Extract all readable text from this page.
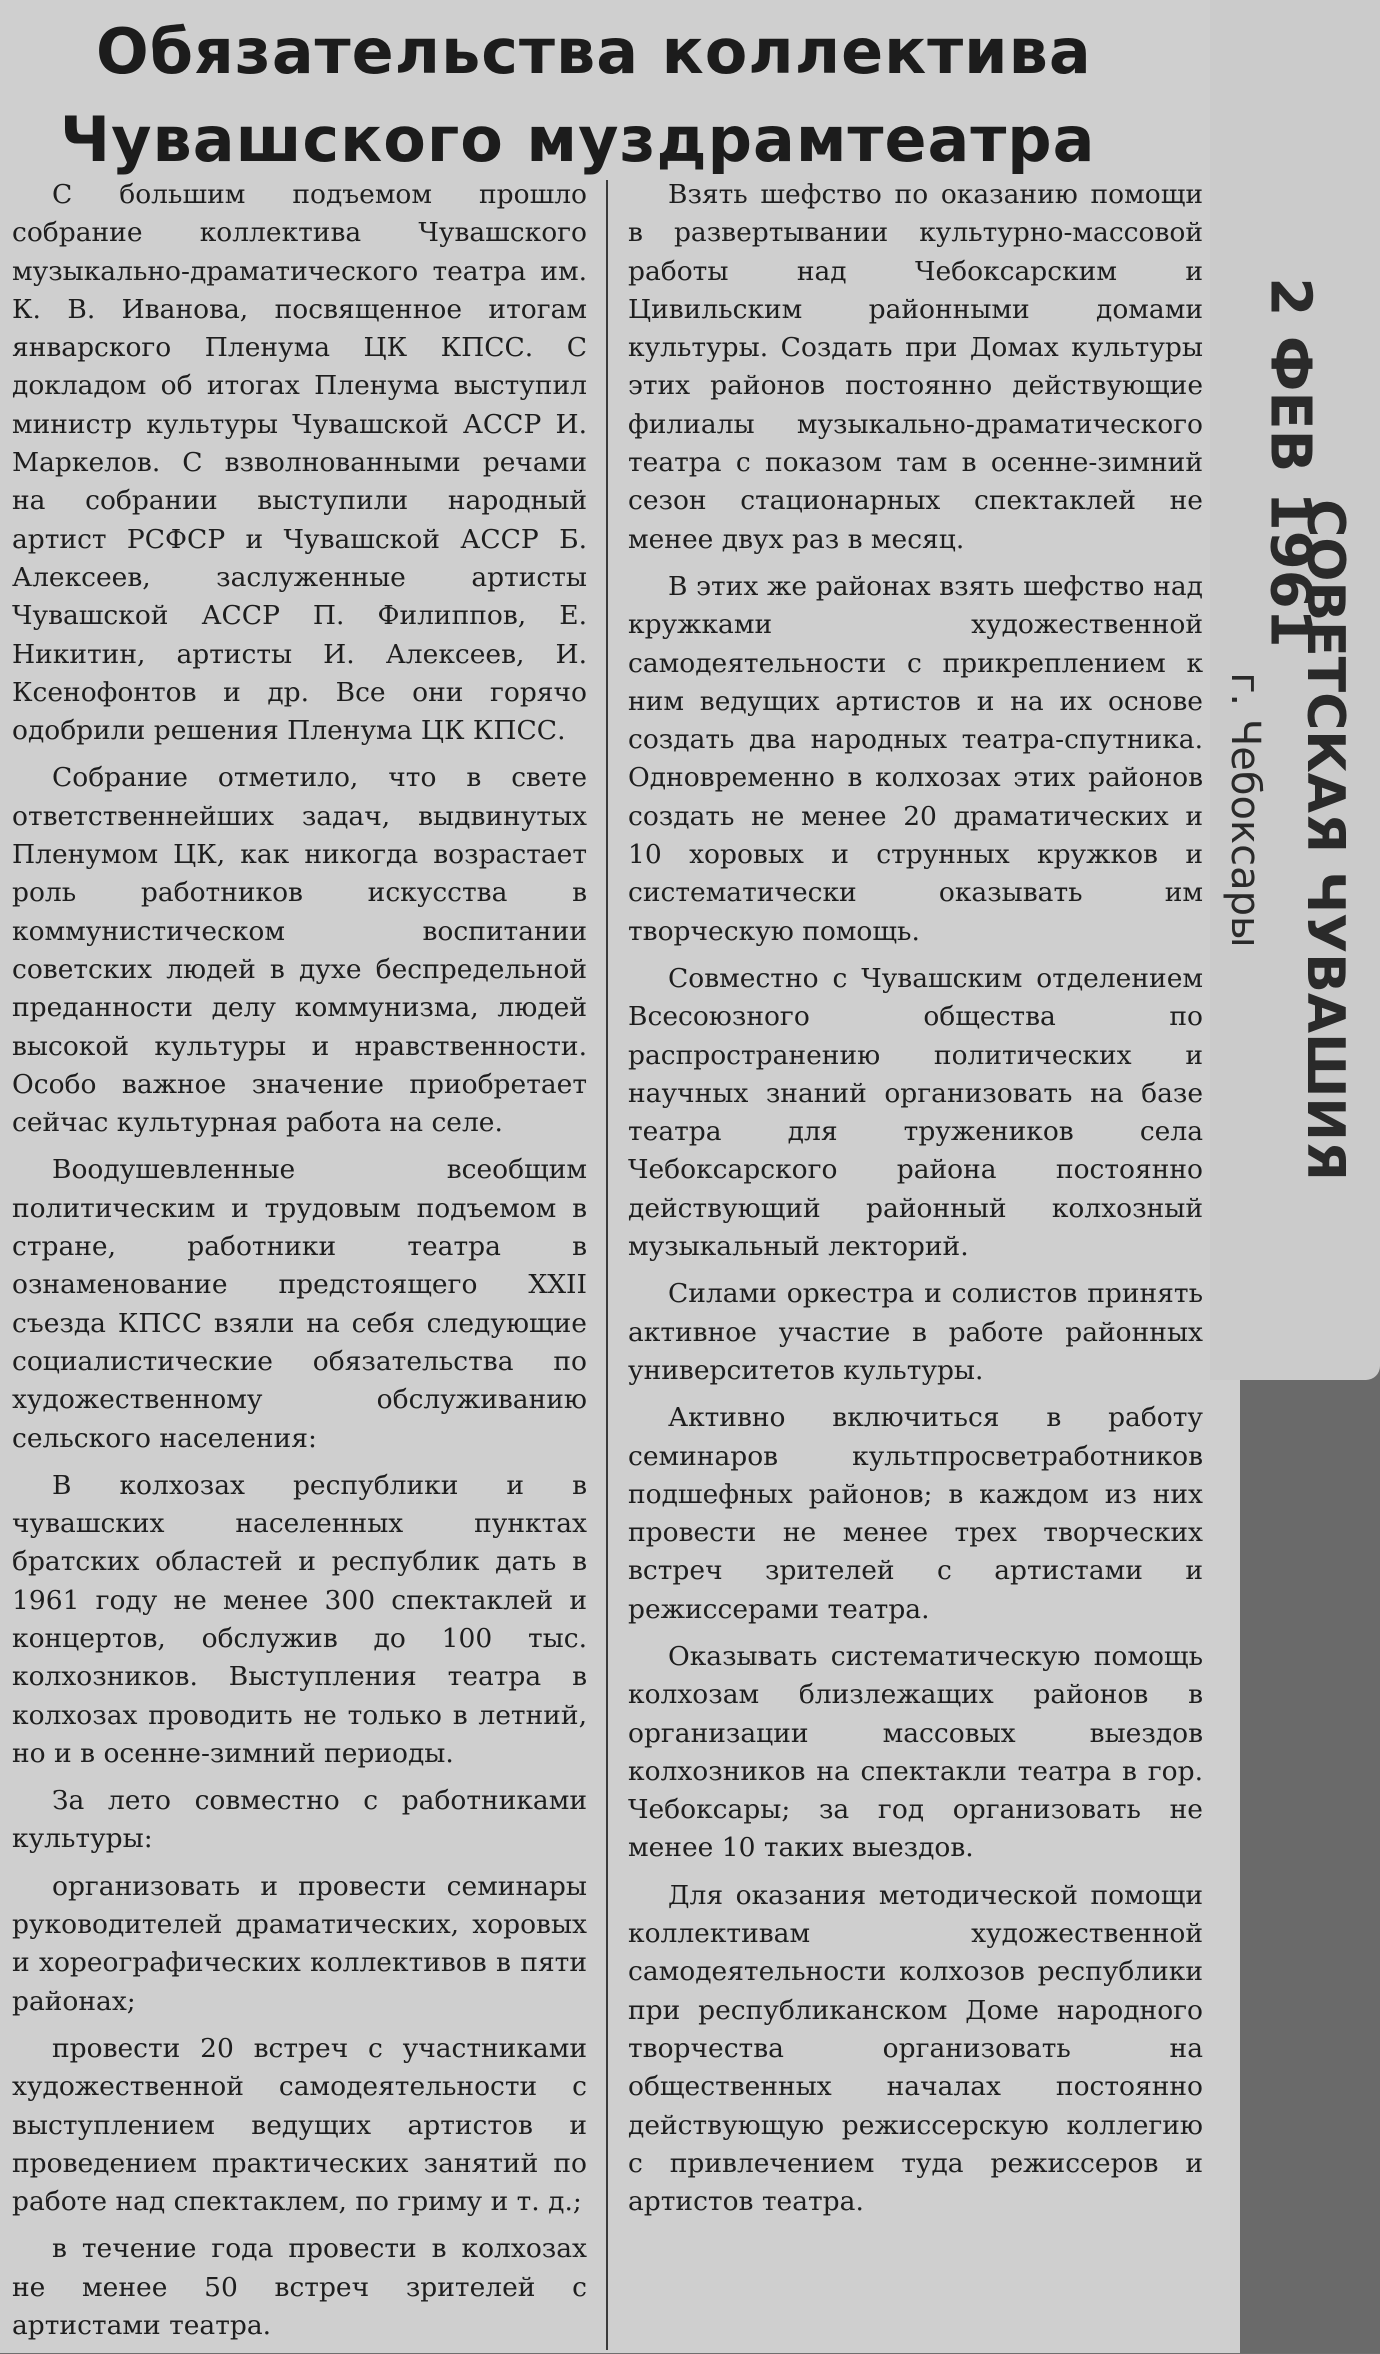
Обязательства коллектива
Чувашского муздрамтеатра

С большим подъемом прошло собрание коллектива Чувашского музыкально-драматического театра им. К. В. Иванова, посвященное итогам январского Пленума ЦК КПСС. С докладом об итогах Пленума выступил министр культуры Чувашской АССР И. Маркелов. С взволнованными речами на собрании выступили народный артист РСФСР и Чувашской АССР Б. Алексеев, заслуженные артисты Чувашской АССР П. Филиппов, Е. Никитин, артисты И. Алексеев, И. Ксенофонтов и др. Все они горячо одобрили решения Пленума ЦК КПСС.

Собрание отметило, что в свете ответственнейших задач, выдвинутых Пленумом ЦК, как никогда возрастает роль работников искусства в коммунистическом воспитании советских людей в духе беспредельной преданности делу коммунизма, людей высокой культуры и нравственности. Особо важное значение приобретает сейчас культурная работа на селе.

Воодушевленные всеобщим политическим и трудовым подъемом в стране, работники театра в ознаменование предстоящего XXII съезда КПСС взяли на себя следующие социалистические обязательства по художественному обслуживанию сельского населения:

В колхозах республики и в чувашских населенных пунктах братских областей и республик дать в 1961 году не менее 300 спектаклей и концертов, обслужив до 100 тыс. колхозников. Выступления театра в колхозах проводить не только в летний, но и в осенне-зимний периоды.

За лето совместно с работниками культуры:

организовать и провести семинары руководителей драматических, хоровых и хореографических коллективов в пяти районах;

провести 20 встреч с участниками художественной самодеятельности с выступлением ведущих артистов и проведением практических занятий по работе над спектаклем, по гриму и т. д.;

в течение года провести в колхозах не менее 50 встреч зрителей с артистами театра.

Взять шефство по оказанию помощи в развертывании культурно-массовой работы над Чебоксарским и Цивильским районными домами культуры. Создать при Домах культуры этих районов постоянно действующие филиалы музыкально-драматического театра с показом там в осенне-зимний сезон стационарных спектаклей не менее двух раз в месяц.

В этих же районах взять шефство над кружками художественной самодеятельности с прикреплением к ним ведущих артистов и на их основе создать два народных театра-спутника. Одновременно в колхозах этих районов создать не менее 20 драматических и 10 хоровых и струнных кружков и систематически оказывать им творческую помощь.

Совместно с Чувашским отделением Всесоюзного общества по распространению политических и научных знаний организовать на базе театра для тружеников села Чебоксарского района постоянно действующий районный колхозный музыкальный лекторий.

Силами оркестра и солистов принять активное участие в работе районных университетов культуры.

Активно включиться в работу семинаров культпросветработников подшефных районов; в каждом из них провести не менее трех творческих встреч зрителей с артистами и режиссерами театра.

Оказывать систематическую помощь колхозам близлежащих районов в организации массовых выездов колхозников на спектакли театра в гор. Чебоксары; за год организовать не менее 10 таких выездов.

Для оказания методической помощи коллективам художественной самодеятельности колхозов республики при республиканском Доме народного творчества организовать на общественных началах постоянно действующую режиссерскую коллегию с привлечением туда режиссеров и артистов театра.

2 ФЕВ 1961
СОВЕТСКАЯ ЧУВАШИЯ
г. Чебоксары
